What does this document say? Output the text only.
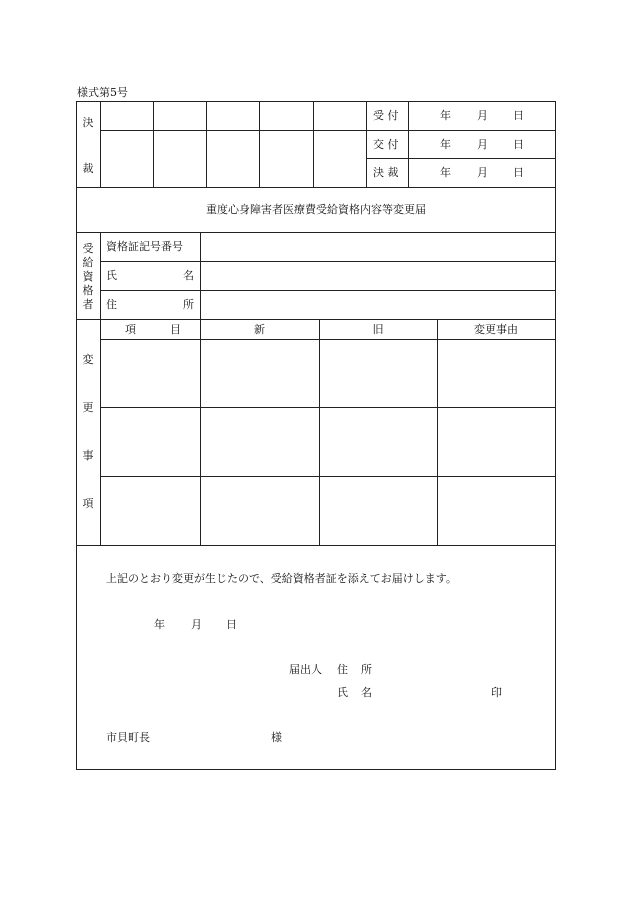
様式第5号
決
裁
受 付	年 月 日
交 付	年 月 日
決 裁	年 月 日
重度心身障害者医療費受給資格内容等変更届
受
給
資
格
者
資格証記号番号
氏	名
住	所
変
更
事
項
項	目	新	旧	変更事由
上記のとおり変更が生じたので、受給資格者証を添えてお届けします。
年 月 日
届出人 住 所
氏 名	印
市貝町長	様
